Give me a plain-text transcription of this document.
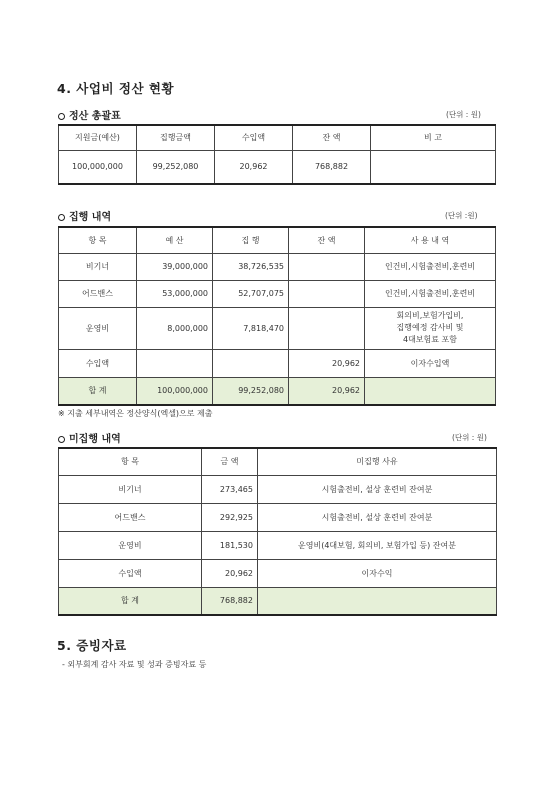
4. 사업비 정산 현황
정산 총괄표	(단위 : 원)
지원금(예산)	집행금액	수입액	잔 액	비 고
100,000,000	99,252,080	20,962	768,882	
집행 내역	(단위 :원)
항 목	예 산	집 행	잔 액	사 용 내 역
비기너	39,000,000	38,726,535		인건비,시험출전비,훈련비
어드밴스	53,000,000	52,707,075		인건비,시험출전비,훈련비
운영비	8,000,000	7,818,470		회의비,보험가입비,
집행예정 감사비 및
4대보험료 포함
수입액			20,962	이자수입액
합 계	100,000,000	99,252,080	20,962	
※ 지출 세부내역은 정산양식(엑셀)으로 제출
미집행 내역	(단위 : 원)
항 목	금 액	미집행 사유
비기너	273,465	시험출전비, 설상 훈련비 잔여분
어드밴스	292,925	시험출전비, 설상 훈련비 잔여분
운영비	181,530	운영비(4대보험, 회의비, 보험가입 등) 잔여분
수입액	20,962	이자수익
합 계	768,882	
5. 증빙자료
- 외부회계 감사 자료 및 성과 증빙자료 등
